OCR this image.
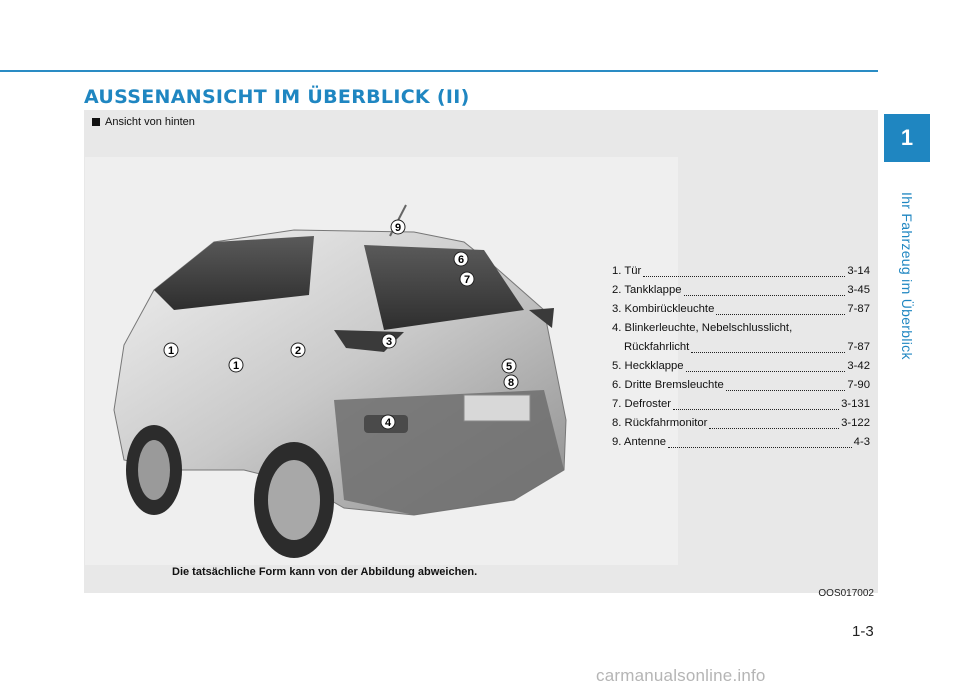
AUSSENANSICHT IM ÜBERBLICK (II)
1
Ihr Fahrzeug im Überblick
Ansicht von hinten
1
1
2
3
4
5
6
7
8
9
1. Tür	3-14
2. Tankklappe	3-45
3. Kombirückleuchte	7-87
4. Blinkerleuchte, Nebelschlusslicht,
Rückfahrlicht	7-87
5. Heckklappe	3-42
6. Dritte Bremsleuchte	7-90
7. Defroster	3-131
8. Rückfahrmonitor	3-122
9. Antenne	4-3
Die tatsächliche Form kann von der Abbildung abweichen.
OOS017002
1-3
carmanualsonline.info
